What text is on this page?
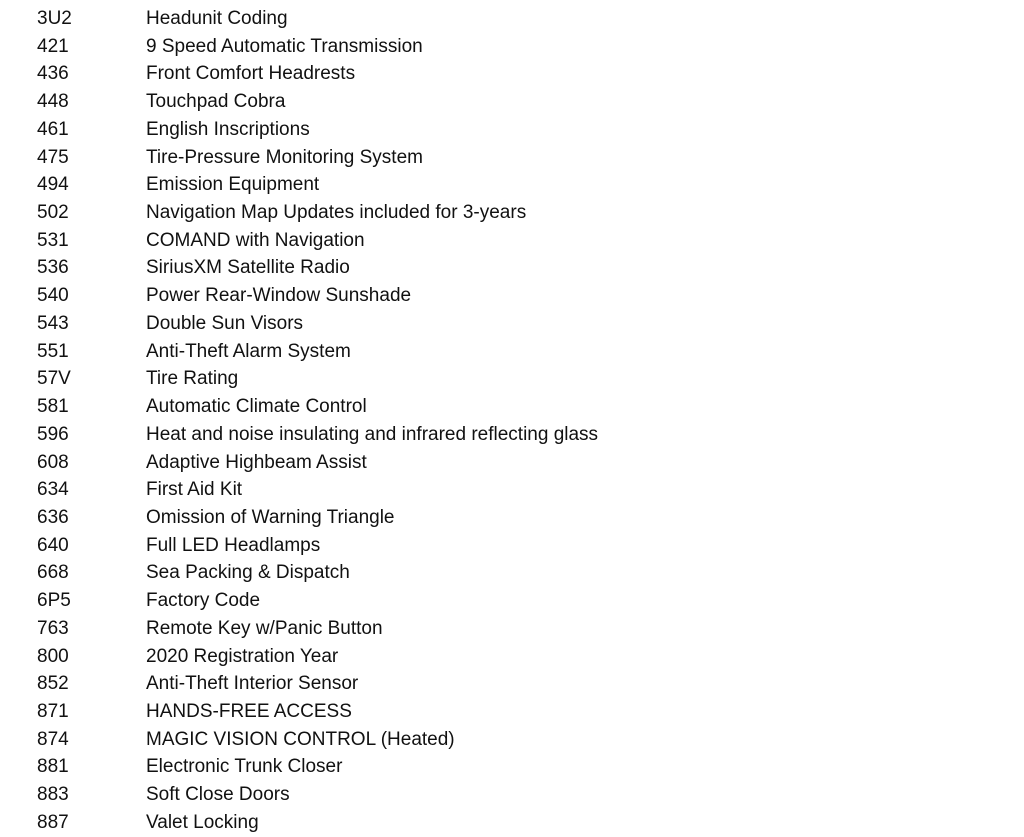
3U2	Headunit Coding
421	9 Speed Automatic Transmission
436	Front Comfort Headrests
448	Touchpad Cobra
461	English Inscriptions
475	Tire-Pressure Monitoring System
494	Emission Equipment
502	Navigation Map Updates included for 3-years
531	COMAND with Navigation
536	SiriusXM Satellite Radio
540	Power Rear-Window Sunshade
543	Double Sun Visors
551	Anti-Theft Alarm System
57V	Tire Rating
581	Automatic Climate Control
596	Heat and noise insulating and infrared reflecting glass
608	Adaptive Highbeam Assist
634	First Aid Kit
636	Omission of Warning Triangle
640	Full LED Headlamps
668	Sea Packing & Dispatch
6P5	Factory Code
763	Remote Key w/Panic Button
800	2020 Registration Year
852	Anti-Theft Interior Sensor
871	HANDS-FREE ACCESS
874	MAGIC VISION CONTROL (Heated)
881	Electronic Trunk Closer
883	Soft Close Doors
887	Valet Locking
